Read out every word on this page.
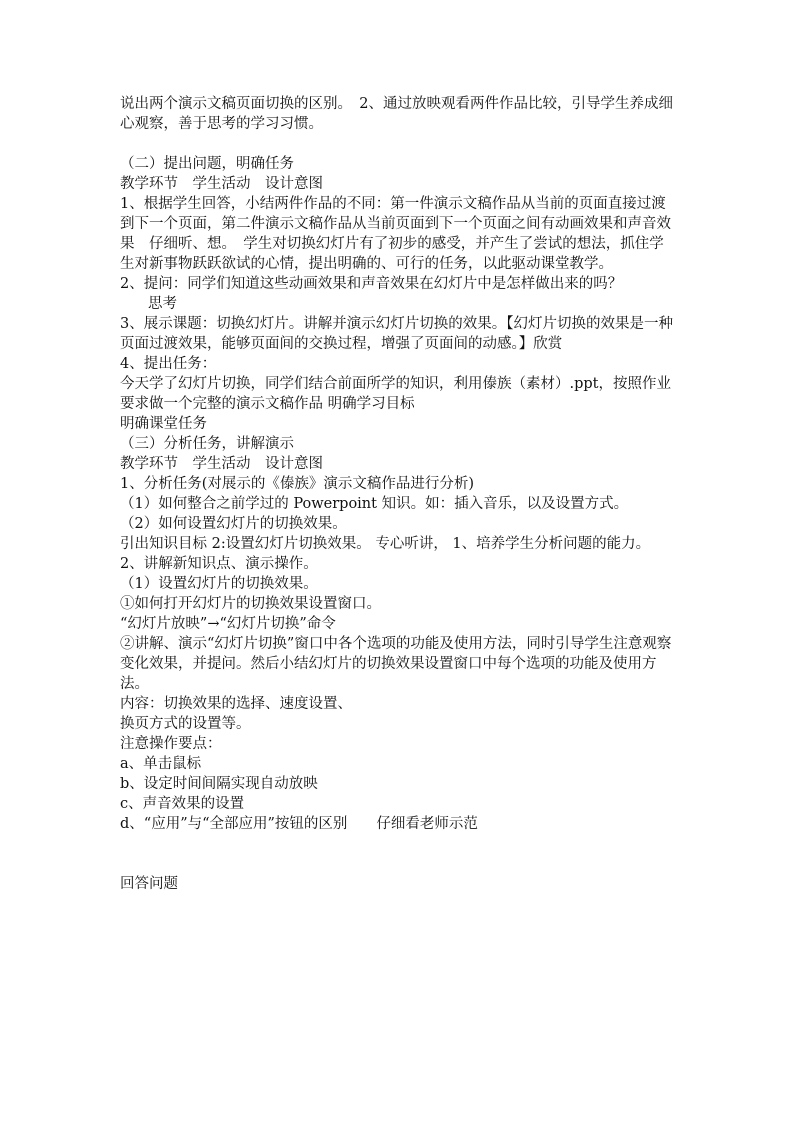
说出两个演示文稿页面切换的区别。　2、通过放映观看两件作品比较，引导学生养成细心观察，善于思考的学习习惯。

（二）提出问题，明确任务

教学环节　学生活动　设计意图

1、根据学生回答，小结两件作品的不同：第一件演示文稿作品从当前的页面直接过渡到下一个页面，第二件演示文稿作品从当前页面到下一个页面之间有动画效果和声音效果　仔细听、想。　学生对切换幻灯片有了初步的感受，并产生了尝试的想法，抓住学生对新事物跃跃欲试的心情，提出明确的、可行的任务，以此驱动课堂教学。

2、提问：同学们知道这些动画效果和声音效果在幻灯片中是怎样做出来的吗？

思考

3、展示课题：切换幻灯片。讲解并演示幻灯片切换的效果。【幻灯片切换的效果是一种页面过渡效果，能够页面间的交换过程，增强了页面间的动感。】欣赏

4、提出任务：

今天学了幻灯片切换，同学们结合前面所学的知识，利用傣族（素材）.ppt，按照作业要求做一个完整的演示文稿作品 明确学习目标

明确课堂任务

（三）分析任务，讲解演示

教学环节　学生活动　设计意图

1、分析任务(对展示的《傣族》演示文稿作品进行分析)

（1）如何整合之前学过的 Powerpoint 知识。如：插入音乐，以及设置方式。

（2）如何设置幻灯片的切换效果。

引出知识目标 2:设置幻灯片切换效果。 专心听讲， 1、培养学生分析问题的能力。

2、讲解新知识点、演示操作。

（1）设置幻灯片的切换效果。

①如何打开幻灯片的切换效果设置窗口。

“幻灯片放映”→“幻灯片切换”命令

②讲解、演示“幻灯片切换”窗口中各个选项的功能及使用方法，同时引导学生注意观察变化效果，并提问。然后小结幻灯片的切换效果设置窗口中每个选项的功能及使用方法。

内容：切换效果的选择、速度设置、

换页方式的设置等。

注意操作要点：

a、单击鼠标

b、设定时间间隔实现自动放映

c、声音效果的设置

d、“应用”与“全部应用”按钮的区别　　仔细看老师示范

回答问题
